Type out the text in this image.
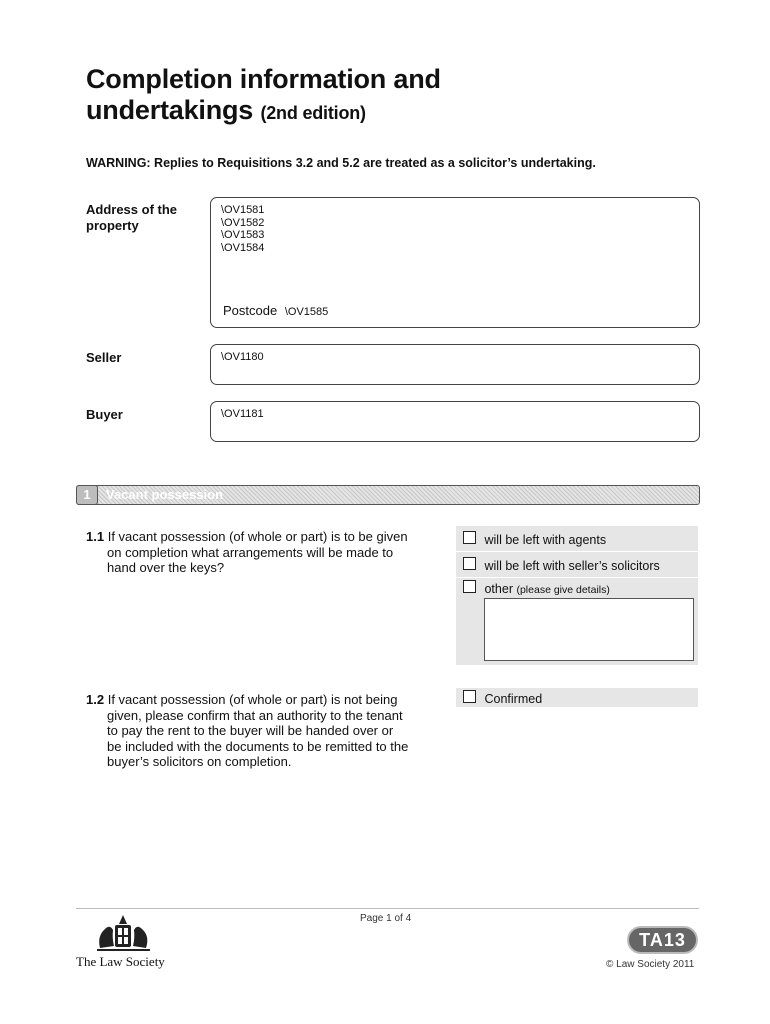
Completion information and
undertakings (2nd edition)
WARNING: Replies to Requisitions 3.2 and 5.2 are treated as a solicitor’s undertaking.
Address of the
property
\OV1581
\OV1582
\OV1583
\OV1584
Postcode \OV1585
Seller	\OV1180
Buyer	\OV1181
1	Vacant possession
1.1 If vacant possession (of whole or part) is to be given
on completion what arrangements will be made to
hand over the keys?
will be left with agents
will be left with seller’s solicitors
other (please give details)
1.2 If vacant possession (of whole or part) is not being
given, please confirm that an authority to the tenant
to pay the rent to the buyer will be handed over or
be included with the documents to be remitted to the
buyer’s solicitors on completion.
Confirmed
Page 1 of 4
The Law Society
TA13
© Law Society 2011
